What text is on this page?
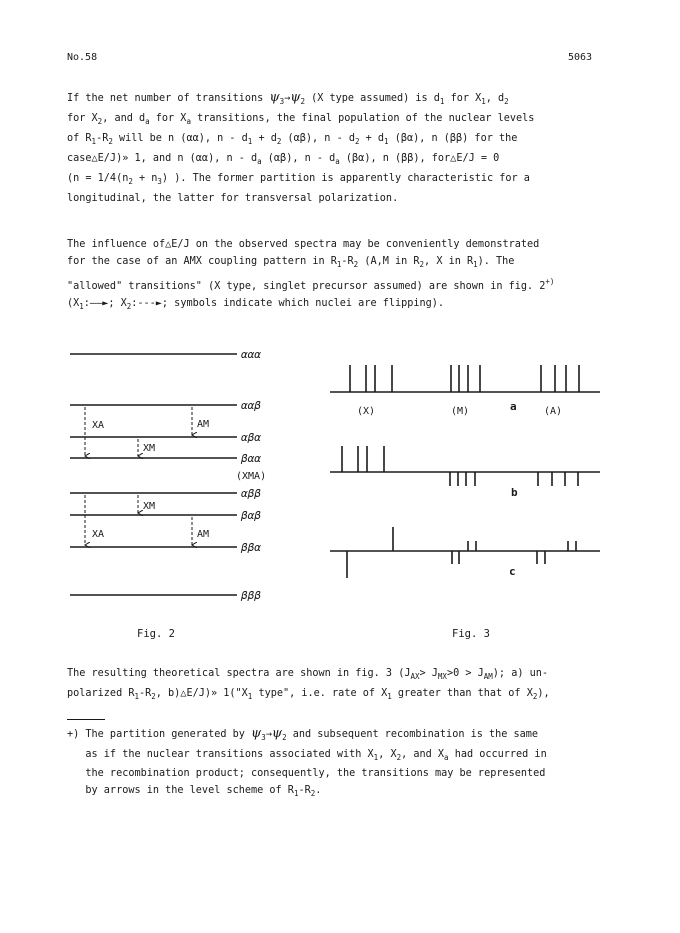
No.58	5063
If the net number of transitions $\psi_3\to\psi_2$ (X type assumed) is $d_1$ for $X_1$, $d_2$
for $X_2$, and $d_a$ for $X_a$ transitions, the final population of the nuclear levels
of $R_1-R_2$ will be n (αα), $n - d_1 + d_2$ (αβ), $n - d_2 + d_1$ (βα), n (ββ) for the
case△E/J)» 1, and n (αα), n - $d_a$ (αβ), n - $d_a$ (βα), n (ββ), for△E/J = 0
($n = 1/4(n_2 + n_3)$ ). The former partition is apparently characteristic for a
longitudinal, the latter for transversal polarization.
The influence of△E/J on the observed spectra may be conveniently demonstrated
for the case of an AMX coupling pattern in $R_1-R_2$ (A,M in $R_2$, X in $R_1$). The
"allowed" transitions" (X type, singlet precursor assumed) are shown in fig. 2+)
($X_1:——►$; $X_2:---►$; symbols indicate which nuclei are flipping).
XA	AM
XM
XM
XA	AM
ααα
ααβ
αβα
βαα
(XMA)
αββ
βαβ
ββα
βββ
(X)	(M)	(A)
a
b
c
Fig. 2	Fig. 3
The resulting theoretical spectra are shown in fig. 3 $(J_{AX}> J_{MX}>0 > J_{AM})$; a) un-
polarized $R_1-R_2$, b)△E/J)» $1("X_1$ type", i.e. rate of $X_1$ greater than that of $X_2$),
+) The partition generated by $\psi_3\to\psi_2$ and subsequent recombination is the same
as if the nuclear transitions associated with $X_1$, $X_2$, and $X_a$ had occurred in
the recombination product; consequently, the transitions may be represented
by arrows in the level scheme of $R_1-R_2$.
